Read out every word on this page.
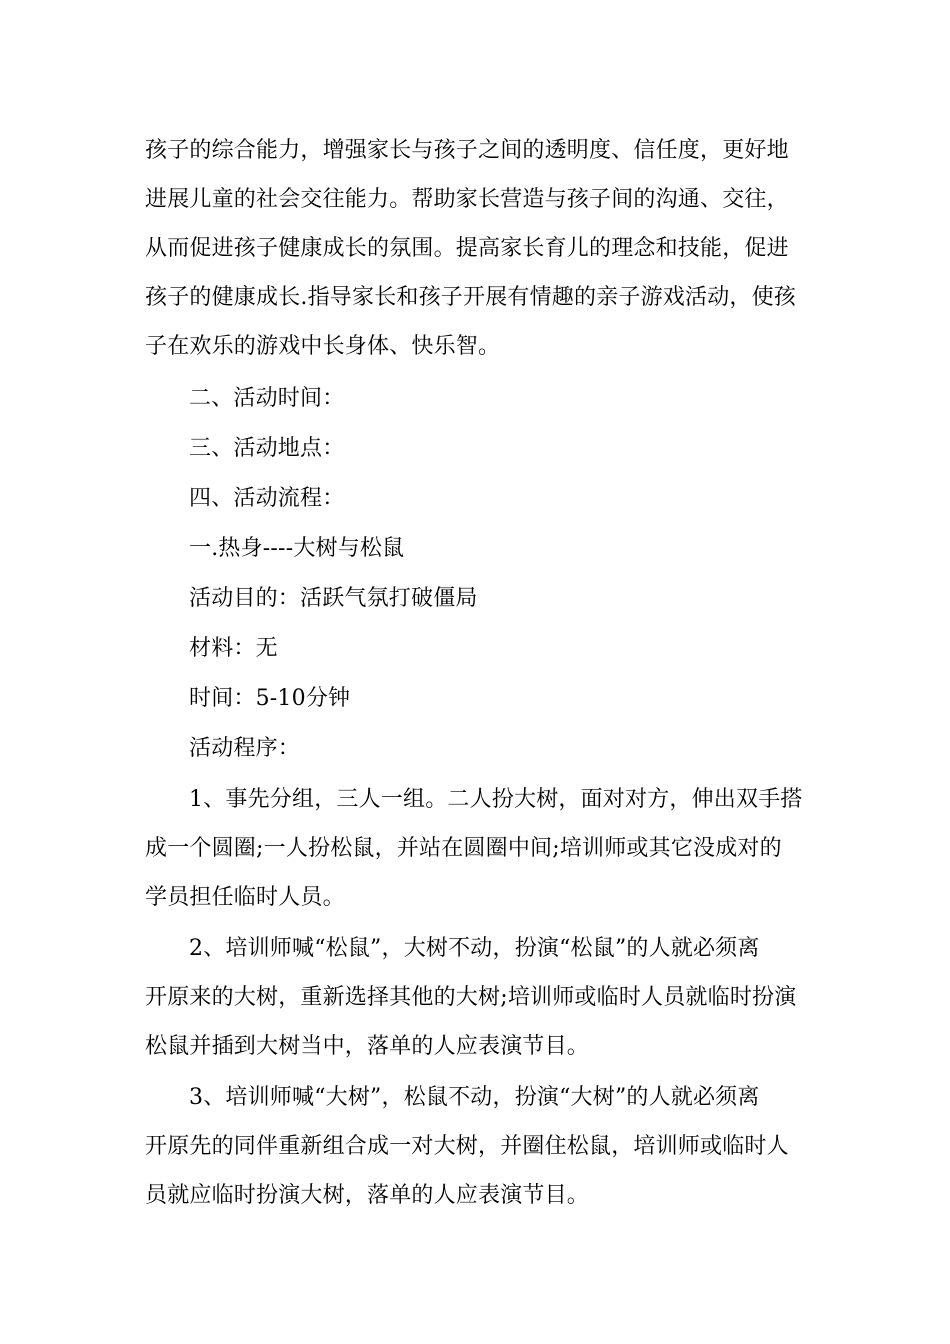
孩子的综合能力，增强家长与孩子之间的透明度、信任度，更好地
进展儿童的社会交往能力。帮助家长营造与孩子间的沟通、交往，
从而促进孩子健康成长的氛围。提高家长育儿的理念和技能，促进
孩子的健康成长.指导家长和孩子开展有情趣的亲子游戏活动，使孩
子在欢乐的游戏中长身体、快乐智。
二、活动时间：
三、活动地点：
四、活动流程：
一.热身----大树与松鼠
活动目的：活跃气氛打破僵局
材料：无
时间：5-10分钟
活动程序：
1、事先分组，三人一组。二人扮大树，面对对方，伸出双手搭
成一个圆圈;一人扮松鼠，并站在圆圈中间;培训师或其它没成对的
学员担任临时人员。
2、培训师喊“松鼠”，大树不动，扮演“松鼠”的人就必须离
开原来的大树，重新选择其他的大树;培训师或临时人员就临时扮演
松鼠并插到大树当中，落单的人应表演节目。
3、培训师喊“大树”，松鼠不动，扮演“大树”的人就必须离
开原先的同伴重新组合成一对大树，并圈住松鼠，培训师或临时人
员就应临时扮演大树，落单的人应表演节目。
